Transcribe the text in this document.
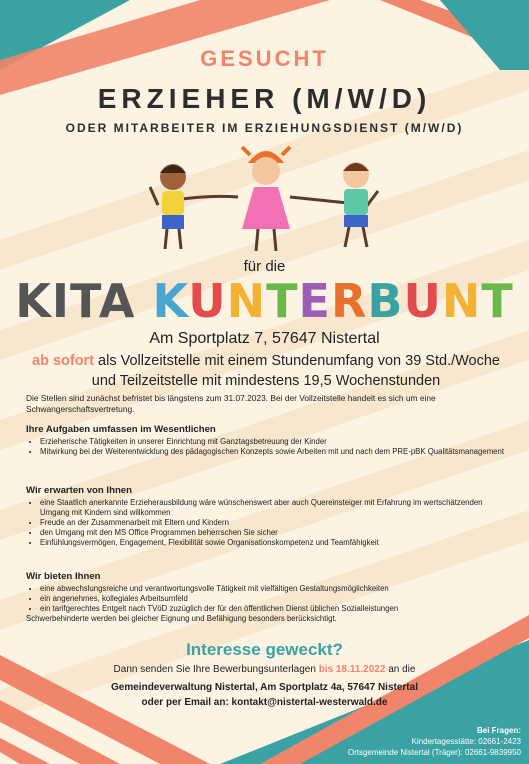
GESUCHT
ERZIEHER (M/W/D)
ODER MITARBEITER IM ERZIEHUNGSDIENST (M/W/D)
für die
KITA KUNTERBUNT
Am Sportplatz 7, 57647 Nistertal
ab sofort als Vollzeitstelle mit einem Stundenumfang von 39 Std./Woche und Teilzeitstelle mit mindestens 19,5 Wochenstunden
Die Stellen sind zunächst befristet bis längstens zum 31.07.2023. Bei der Vollzeitstelle handelt es sich um eine Schwangerschaftsvertretung.
Ihre Aufgaben umfassen im Wesentlichen
• Erzieherische Tätigkeiten in unserer Einrichtung mit Ganztagsbetreuung der Kinder
• Mitwirkung bei der Weiterentwicklung des pädagogischen Konzepts sowie Arbeiten mit und nach dem PRE-pBK Qualitätsmanagement
Wir erwarten von Ihnen
• eine Staatlich anerkannte Erzieherausbildung wäre wünschenswert aber auch Quereinsteiger mit Erfahrung im wertschätzenden Umgang mit Kindern sind willkommen
• Freude an der Zusammenarbeit mit Eltern und Kindern
• den Umgang mit den MS Office Programmen beherrschen Sie sicher
• Einfühlungsvermögen, Engagement, Flexibilität sowie Organisationskompetenz und Teamfähigkeit
Wir bieten Ihnen
• eine abwechslungsreiche und verantwortungsvolle Tätigkeit mit vielfältigen Gestaltungsmöglichkeiten
• ein angenehmes, kollegiales Arbeitsumfeld
• ein tarifgerechtes Entgelt nach TVöD zuzüglich der für den öffentlichen Dienst üblichen Sozialleistungen
Schwerbehinderte werden bei gleicher Eignung und Befähigung besonders berücksichtigt.
Interesse geweckt?
Dann senden Sie Ihre Bewerbungsunterlagen bis 18.11.2022 an die
Gemeindeverwaltung Nistertal, Am Sportplatz 4a, 57647 Nistertal
oder per Email an: kontakt@nistertal-westerwald.de
Bei Fragen:
Kindertagesstätte: 02661-2423
Ortsgemeinde Nistertal (Träger): 02661-9839950
